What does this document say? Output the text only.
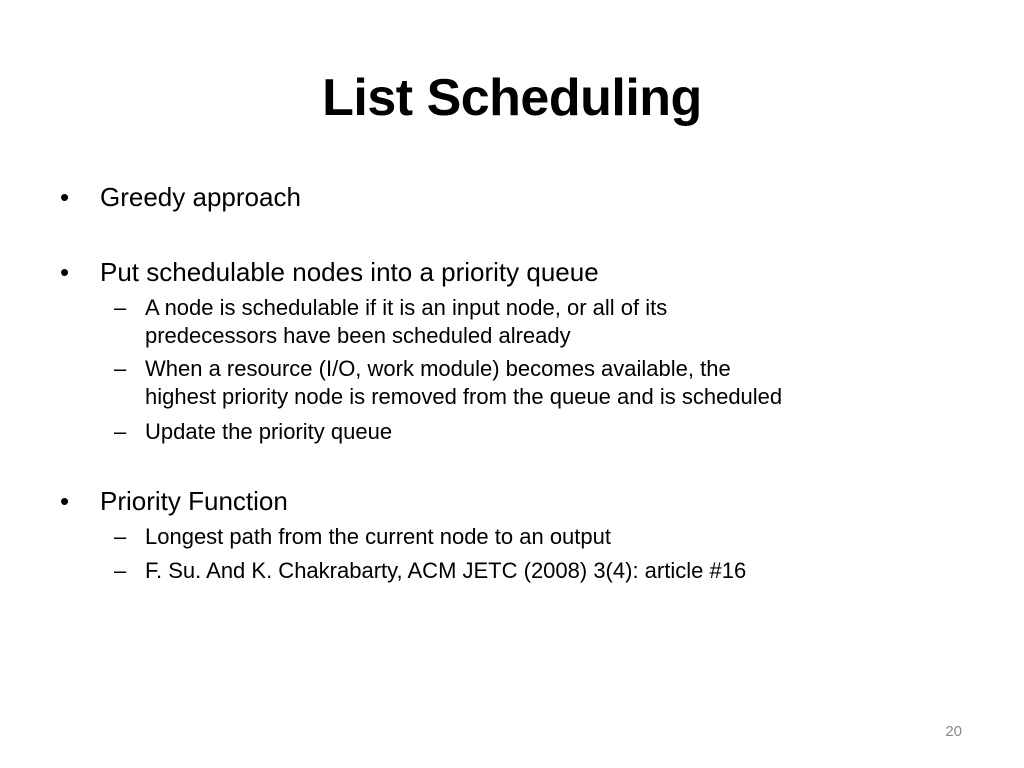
List Scheduling
• Greedy approach
• Put schedulable nodes into a priority queue
– A node is schedulable if it is an input node, or all of its
predecessors have been scheduled already
– When a resource (I/O, work module) becomes available, the
highest priority node is removed from the queue and is scheduled
– Update the priority queue
• Priority Function
– Longest path from the current node to an output
– F. Su. And K. Chakrabarty, ACM JETC (2008) 3(4): article #16
20
